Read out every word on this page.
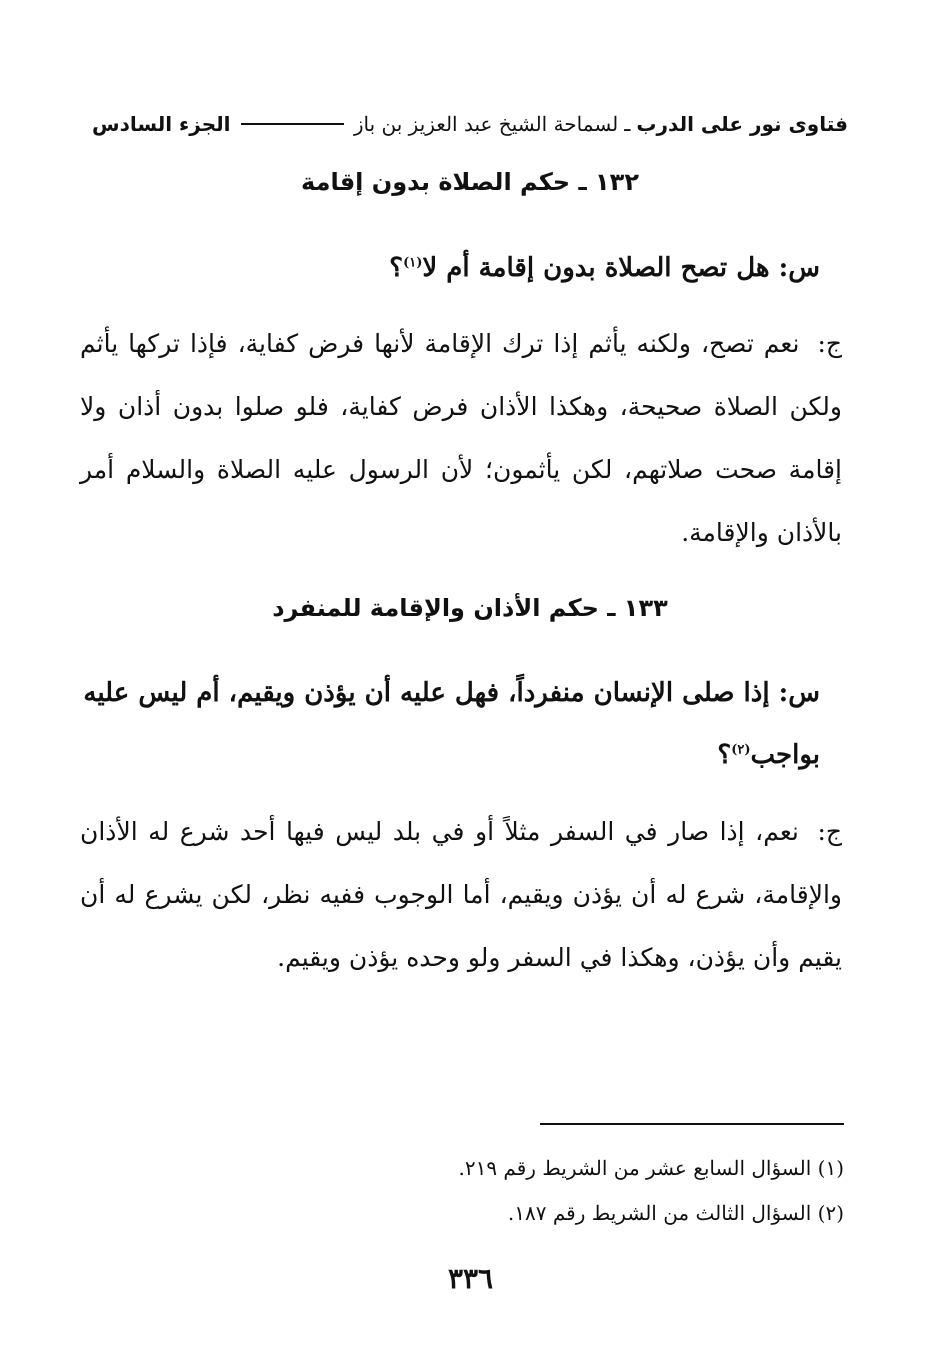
فتاوى نور على الدرب
ـ
لسماحة الشيخ عبد العزيز بن باز
الجزء السادس
١٣٢ ـ حكم الصلاة بدون إقامة
س: هل تصح الصلاة بدون إقامة أم لا$^{(١)}$؟
ج: نعم تصح، ولكنه يأثم إذا ترك الإقامة لأنها فرض كفاية، فإذا تركها يأثم ولكن الصلاة صحيحة، وهكذا الأذان فرض كفاية، فلو صلوا بدون أذان ولا إقامة صحت صلاتهم، لكن يأثمون؛ لأن الرسول عليه الصلاة والسلام أمر بالأذان والإقامة.
١٣٣ ـ حكم الأذان والإقامة للمنفرد
س: إذا صلى الإنسان منفرداً، فهل عليه أن يؤذن ويقيم، أم ليس عليه بواجب$^{(٢)}$؟
ج: نعم، إذا صار في السفر مثلاً أو في بلد ليس فيها أحد شرع له الأذان والإقامة، شرع له أن يؤذن ويقيم، أما الوجوب ففيه نظر، لكن يشرع له أن يقيم وأن يؤذن، وهكذا في السفر ولو وحده يؤذن ويقيم.
(١) السؤال السابع عشر من الشريط رقم ٢١٩.
(٢) السؤال الثالث من الشريط رقم ١٨٧.
٣٣٦
